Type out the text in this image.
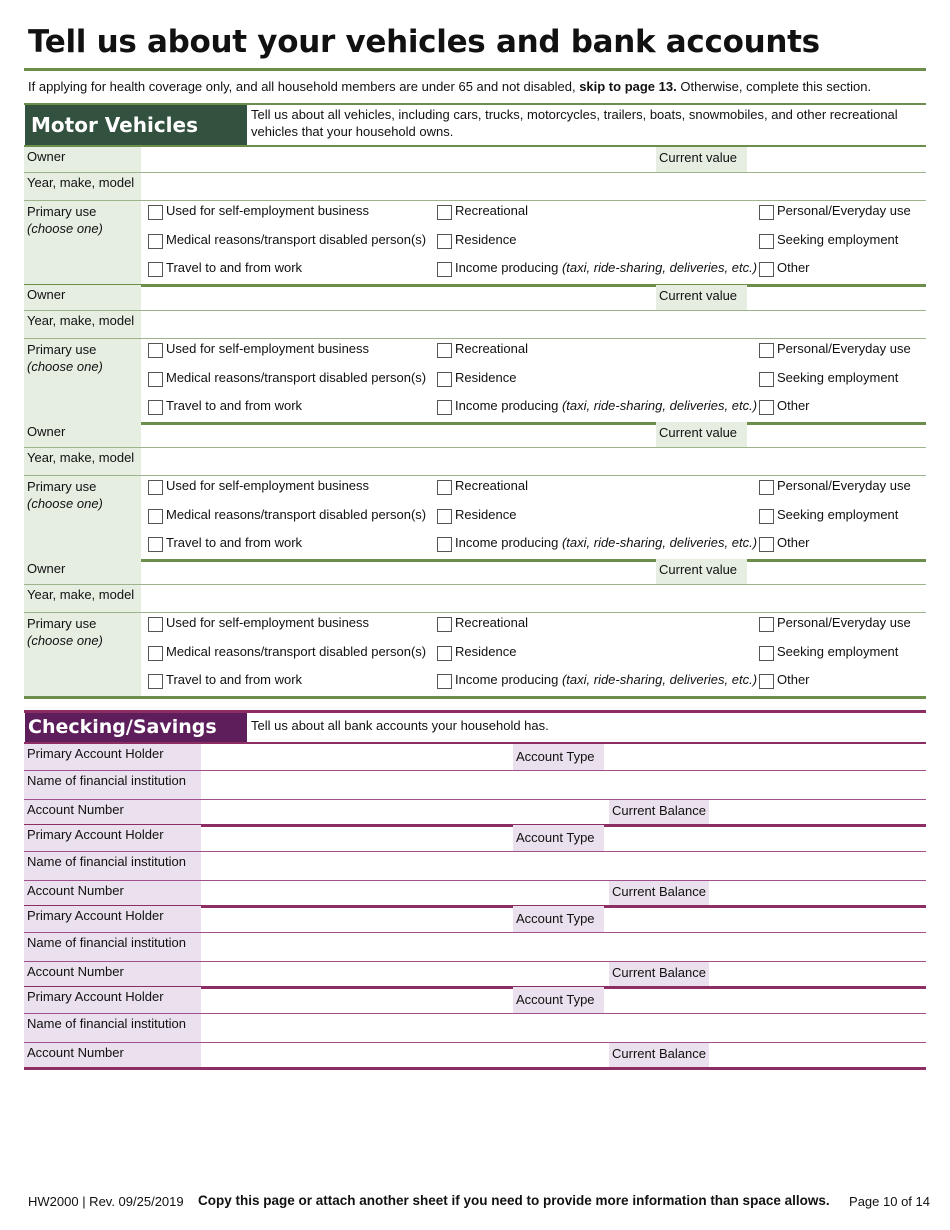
Tell us about your vehicles and bank accounts
If applying for health coverage only, and all household members are under 65 and not disabled, skip to page 13. Otherwise, complete this section.
Motor Vehicles	Tell us about all vehicles, including cars, trucks, motorcycles, trailers, boats, snowmobiles, and other recreational vehicles that your household owns.
Owner	Current value
Year, make, model
Primary use
(choose one)
Used for self-employment business
Medical reasons/transport disabled person(s)
Travel to and from work
Recreational
Residence
Income producing (taxi, ride-sharing, deliveries, etc.)
Personal/Everyday use
Seeking employment
Other
Owner	Current value
Year, make, model
Primary use
(choose one)
Used for self-employment business
Medical reasons/transport disabled person(s)
Travel to and from work
Recreational
Residence
Income producing (taxi, ride-sharing, deliveries, etc.)
Personal/Everyday use
Seeking employment
Other
Owner	Current value
Year, make, model
Primary use
(choose one)
Used for self-employment business
Medical reasons/transport disabled person(s)
Travel to and from work
Recreational
Residence
Income producing (taxi, ride-sharing, deliveries, etc.)
Personal/Everyday use
Seeking employment
Other
Owner	Current value
Year, make, model
Primary use
(choose one)
Used for self-employment business
Medical reasons/transport disabled person(s)
Travel to and from work
Recreational
Residence
Income producing (taxi, ride-sharing, deliveries, etc.)
Personal/Everyday use
Seeking employment
Other
Checking/Savings	Tell us about all bank accounts your household has.
Primary Account Holder	Account Type
Name of financial institution
Account Number	Current Balance
Primary Account Holder	Account Type
Name of financial institution
Account Number	Current Balance
Primary Account Holder	Account Type
Name of financial institution
Account Number	Current Balance
Primary Account Holder	Account Type
Name of financial institution
Account Number	Current Balance
HW2000 | Rev. 09/25/2019 Copy this page or attach another sheet if you need to provide more information than space allows. Page 10 of 14
